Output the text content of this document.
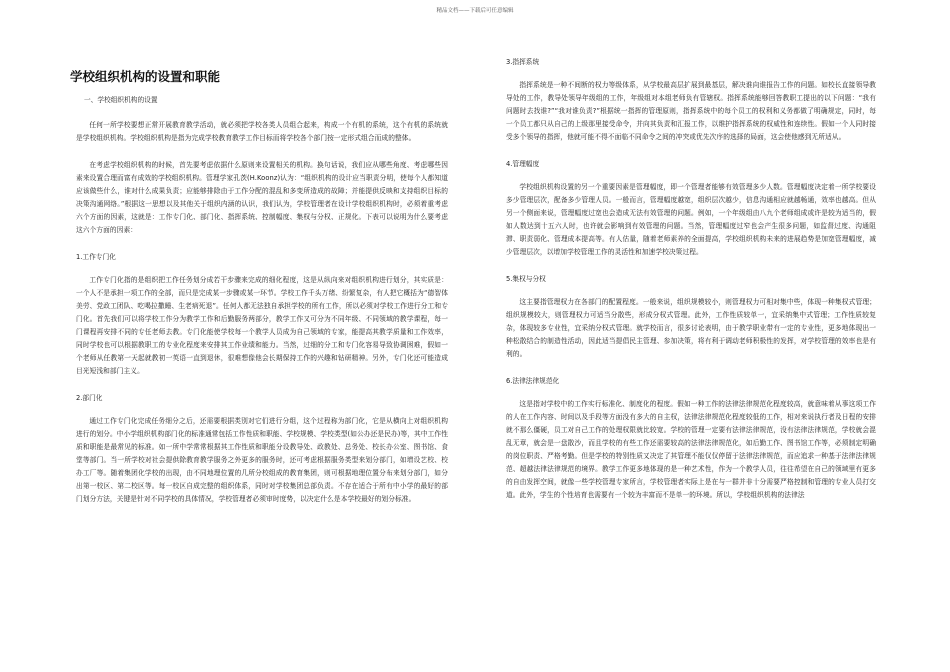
精品文档——下载后可任意编辑
学校组织机构的设置和职能
一、学校组织机构的设置
任何一所学校要想正常开展教育教学活动，就必须把学校各类人员组合起来，构成一个有机的系统，这个有机的系统就是学校组织机构。学校组织机构是指为完成学校教育教学工作目标而将学校各个部门按一定形式组合而成的整体。
在考虑学校组织机构的时候，首先要考虑依据什么原则来设置相关的机构。换句话说，我们应从哪些角度、考虑哪些因素来设置合理而富有成效的学校组织机构。管理学家孔茨(H.Koonz)认为：“组织机构的设计应当职责分明，使每个人都知道应该做些什么，谁对什么成果负责；应能够排除由于工作分配的混乱和多变所造成的故障；并能提供反映和支持组织目标的决策沟通网络。”根据这一思想以及其他关于组织内涵的认识，我们认为，学校管理者在设计学校组织机构时，必须着重考虑六个方面的因素，这就是：工作专门化、部门化、指挥系统、控制幅度、集权与分权、正规化。下表可以说明为什么要考虑这六个方面的因素：
1.工作专门化
工作专门化指的是组织把工作任务划分成若干步骤来完成的细化程度，这是从纵向来对组织机构进行划分，其实质是：一个人不是承担一项工作的全部，而只是完成某一步骤或某一环节。学校工作千头万绪、纷繁复杂，有人把它概括为“德智体美劳、党政工团队、吃喝拉撒睡、生老病死退”。任何人都无法独自承担学校的所有工作，所以必须对学校工作进行分工和专门化。首先我们可以将学校工作分为教学工作和后勤服务两部分，教学工作又可分为不同年级、不同领域的教学课程，每一门课程再安排不同的专任老师去教。专门化能使学校每一个教学人员成为自己领域的专家，能提高其教学质量和工作效率，同时学校也可以根据教职工的专业化程度来安排其工作业绩和能力。当然，过细的分工和专门化容易导致协调困难，假如一个老师从任教第一天起就教初一英语一直到退休，很难想像他会长期保持工作的兴趣和钻研精神。另外，专门化还可能造成目光短浅和部门主义。
2.部门化
通过工作专门化完成任务细分之后，还需要根据类别对它们进行分组，这个过程称为部门化，它是从横向上对组织机构进行的划分。中小学组织机构部门化的标准通常包括工作性质和职能、学校规模、学校类型(如公办还是民办)等，其中工作性质和职能是最常见的标准。如一所中学常常根据其工作性质和职能分设教导处、政教处、总务处、校长办公室、图书馆、食堂等部门。当一所学校对社会提供除教育教学服务之外更多的服务时，还可考虑根据服务类型来划分部门，如增设艺校、校办工厂等。随着集团化学校的出现，由不同地理位置的几所分校组成的教育集团，则可根据地理位置分布来划分部门，如分出第一校区、第二校区等。每一校区自成完整的组织体系，同时对学校集团总部负责。不存在适合于所有中小学的最好的部门划分方法，关键是针对不同学校的具体情况，学校管理者必须审时度势，以决定什么是本学校最好的划分标准。
3.指挥系统
指挥系统是一种不间断的权力等级体系，从学校最高层扩展到最基层，解决谁向谁报告工作的问题。如校长直接领导教导处的工作，教导处领导年级组的工作，年级组对本组老师负有管辖权。指挥系统能够回答教职工提出的以下问题：“我有问题时去找谁?”“我对谁负责?”根据统一指挥的管理原则，指挥系统中的每个员工的权利和义务都做了明确规定，同时，每一个员工都只从自己的上级那里接受命令，并向其负责和汇报工作，以维护指挥系统的权威性和连续性。假如一个人同时接受多个领导的指挥，他就可能不得不面临不同命令之间的冲突或优先次序的选择的局面，这会使他感到无所适从。
4.管理幅度
学校组织机构设置的另一个重要因素是管理幅度，即一个管理者能够有效管理多少人数。管理幅度决定着一所学校要设多少管理层次，配备多少管理人员。一般而言，管理幅度越宽，组织层次越少，信息沟通相应就越畅通，效率也越高。但从另一个侧面来说，管理幅度过宽也会造成无法有效管理的问题。例如，一个年级组由八九个老师组成或许是较为适当的，假如人数达到十五六人时，也许就会影响到有效管理的问题。当然，管理幅度过窄也会产生很多问题，如监督过度、沟通阻滞、职责弱化、管理成本提高等。有人估量，随着老师素养的全面提高，学校组织机构未来的进展趋势是加宽管理幅度，减少管理层次，以增加学校管理工作的灵活性和加速学校决策过程。
5.集权与分权
这主要指管理权力在各部门的配置程度。一般来说，组织规模较小，则管理权力可相对集中些，体现一种集权式管理；组织规模较大，则管理权力可适当分散些，形成分权式管理。此外，工作性质较单一，宜采纳集中式管理；工作性质较复杂，体现较多专业性，宜采纳分权式管理。就学校而言，很多讨论表明，由于教学职业带有一定的专业性，更多地体现出一种松散结合的制造性活动，因此适当提倡民主管理、参加决策，将有利于调动老师积极性的发挥，对学校管理的效率也是有利的。
6.法律法律规范化
这是指对学校中的工作实行标准化、制度化的程度。假如一种工作的法律法律规范化程度较高，就意味着从事这项工作的人在工作内容、时间以及手段等方面没有多大的自主权，法律法律规范化程度较低的工作，相对来说执行者及日程的安排就不那么僵硬，员工对自己工作的处理权限就比较宽。学校的管理一定要有法律法律规范，没有法律法律规范，学校就会混乱无章，就会是一盘散沙，而且学校的有些工作还需要较高的法律法律规范化，如后勤工作、图书馆工作等，必须制定明确的岗位职责、严格考勤。但是学校的特别性质又决定了其管理不能仅仅停留于法律法律规范，而应追求一种基于法律法律规范、超越法律法律规范的境界。教学工作更多地体现的是一种艺术性，作为一个教学人员，往往希望在自己的领域里有更多的自由发挥空间，就像一些学校管理专家所言，学校管理者实际上是在与一群并非十分需要严格控制和管理的专业人员打交道。此外，学生的个性培育也需要有一个较为丰富而不是单一的环境。所以，学校组织机构的法律法
